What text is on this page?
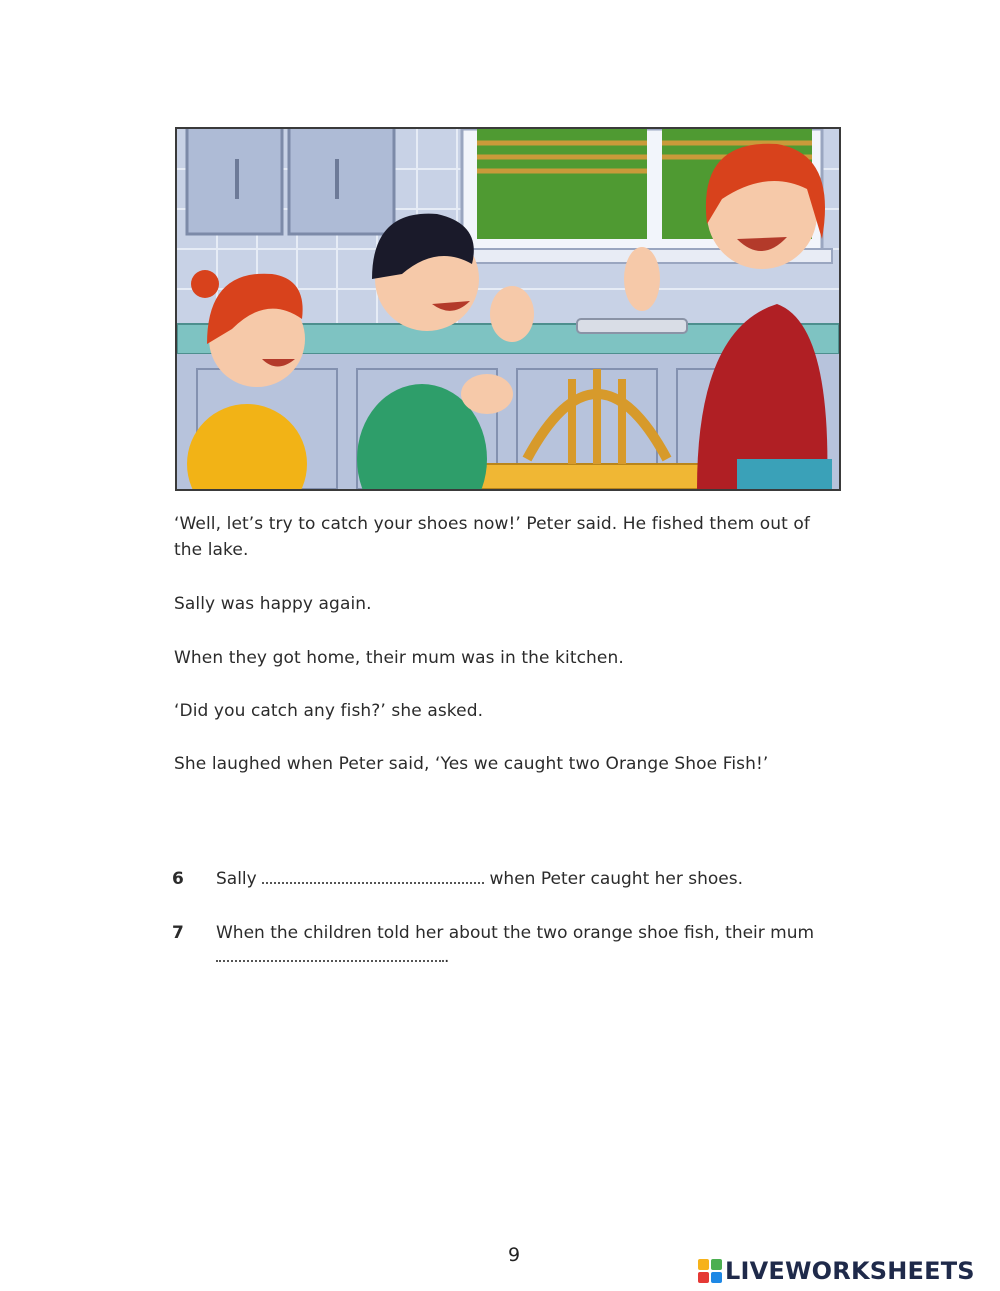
‘Well, let’s try to catch your shoes now!’ Peter said. He fished them out of
the lake.
Sally was happy again.
When they got home, their mum was in the kitchen.
‘Did you catch any fish?’ she asked.
She laughed when Peter said, ‘Yes we caught two Orange Shoe Fish!’
6 Sally	when Peter caught her shoes.
7 When the children told her about the two orange shoe fish, their mum
.
9
LIVEWORKSHEETS
